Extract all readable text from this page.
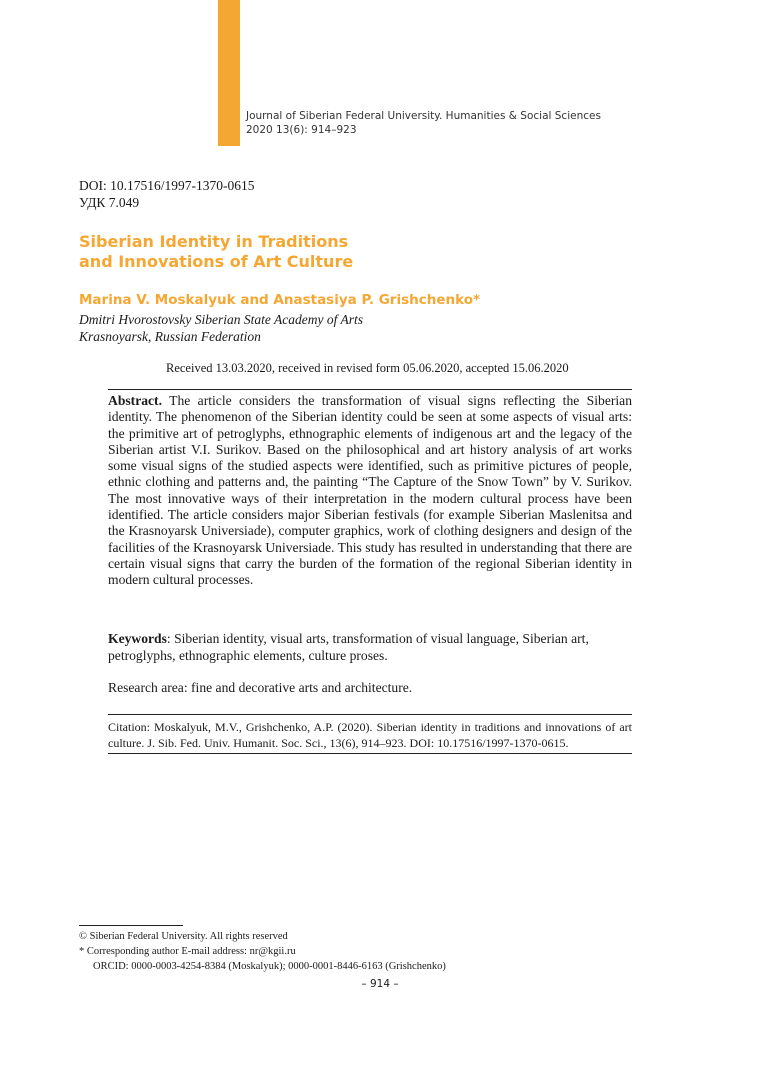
Journal of Siberian Federal University. Humanities & Social Sciences
2020 13(6): 914–923
DOI: 10.17516/1997-1370-0615
УДК 7.049
Siberian Identity in Traditions
and Innovations of Art Culture
Marina V. Moskalyuk and Anastasiya P. Grishchenko*
Dmitri Hvorostovsky Siberian State Academy of Arts
Krasnoyarsk, Russian Federation
Received 13.03.2020, received in revised form 05.06.2020, accepted 15.06.2020

Abstract. The article considers the transformation of visual signs reflecting the Siberian identity. The phenomenon of the Siberian identity could be seen at some aspects of visual arts: the primitive art of petroglyphs, ethnographic elements of indigenous art and the legacy of the Siberian artist V.I. Surikov. Based on the philosophical and art history analysis of art works some visual signs of the studied aspects were identified, such as primitive pictures of people, ethnic clothing and patterns and, the painting “The Capture of the Snow Town” by V. Surikov. The most innovative ways of their interpretation in the modern cultural process have been identified. The article considers major Siberian festivals (for example Siberian Maslenitsa and the Krasnoyarsk Universiade), computer graphics, work of clothing designers and design of the facilities of the Krasnoyarsk Universiade. This study has resulted in understanding that there are certain visual signs that carry the burden of the formation of the regional Siberian identity in modern cultural processes.

Keywords: Siberian identity, visual arts, transformation of visual language, Siberian art, petroglyphs, ethnographic elements, culture proses.

Research area: fine and decorative arts and architecture.

Citation: Moskalyuk, M.V., Grishchenko, A.P. (2020). Siberian identity in traditions and innovations of art culture. J. Sib. Fed. Univ. Humanit. Soc. Sci., 13(6), 914–923. DOI: 10.17516/1997-1370-0615.

© Siberian Federal University. All rights reserved
* Corresponding author E-mail address: nr@kgii.ru
ORCID: 0000-0003-4254-8384 (Moskalyuk); 0000-0001-8446-6163 (Grishchenko)
– 914 –
